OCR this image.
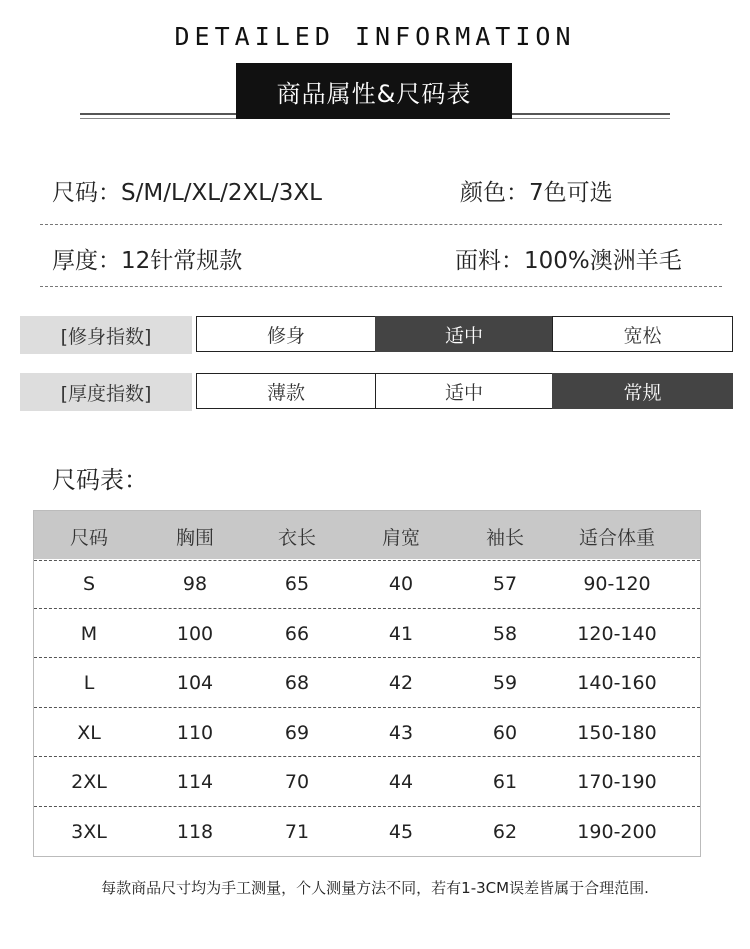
DETAILED INFORMATION
商品属性&尺码表
尺码：S/M/L/XL/2XL/3XL	颜色：7色可选
厚度：12针常规款	面料：100%澳洲羊毛
[修身指数]	修身	适中	宽松
[厚度指数]	薄款	适中	常规
尺码表：
尺码	胸围	衣长	肩宽	袖长	适合体重
S	98	65	40	57	90-120
M	100	66	41	58	120-140
L	104	68	42	59	140-160
XL	110	69	43	60	150-180
2XL	114	70	44	61	170-190
3XL	118	71	45	62	190-200
每款商品尺寸均为手工测量，个人测量方法不同，若有1-3CM误差皆属于合理范围.
